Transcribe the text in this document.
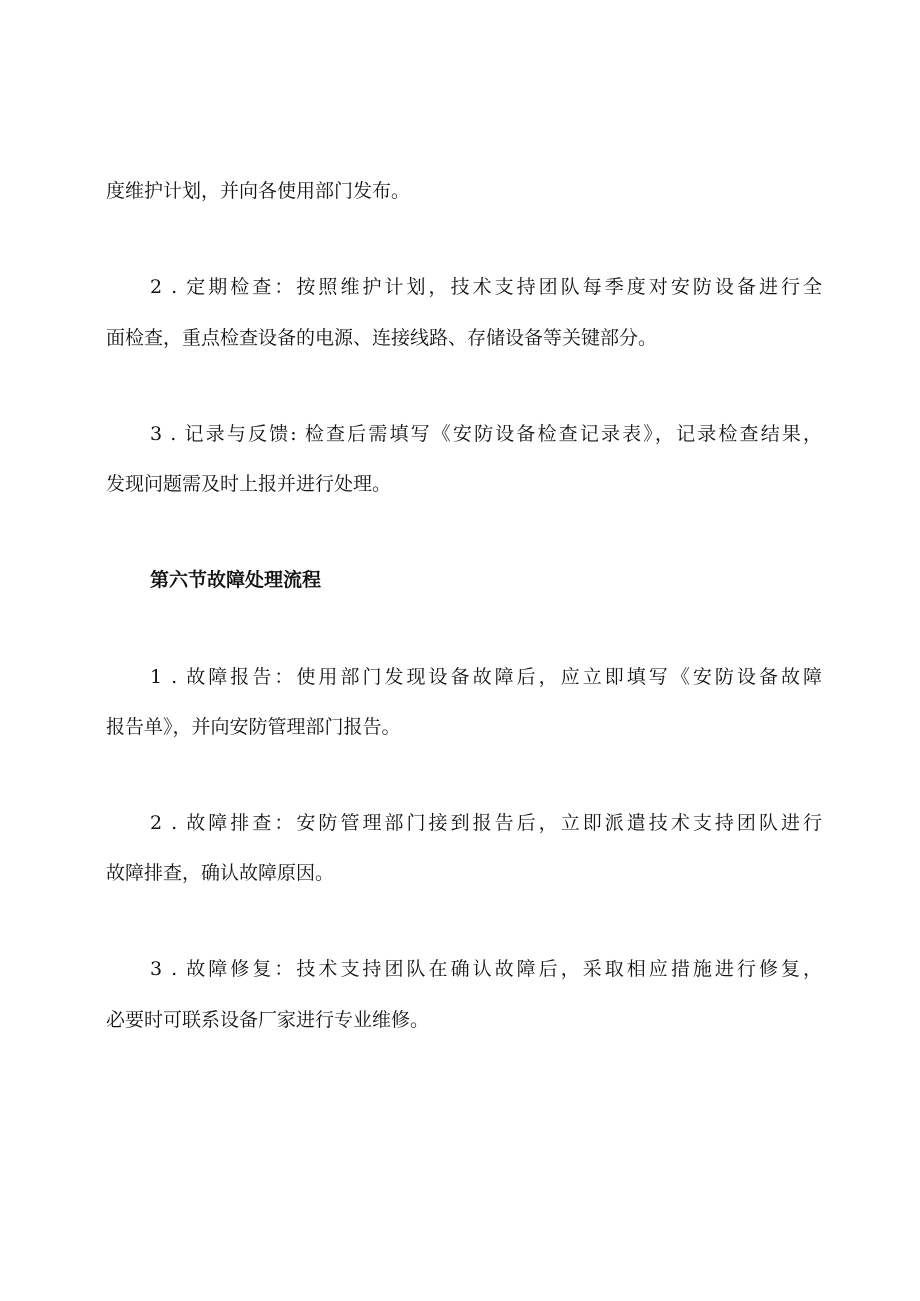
度维护计划，并向各使用部门发布。
2 . 定期检查：按照维护计划，技术支持团队每季度对安防设备进行全
面检查，重点检查设备的电源、连接线路、存储设备等关键部分。
3 . 记录与反馈: 检查后需填写《安防设备检查记录表》，记录检查结果，
发现问题需及时上报并进行处理。
第六节故障处理流程
1 . 故障报告：使用部门发现设备故障后，应立即填写《安防设备故障
报告单》，并向安防管理部门报告。
2 . 故障排查：安防管理部门接到报告后，立即派遣技术支持团队进行
故障排查，确认故障原因。
3 . 故障修复：技术支持团队在确认故障后，采取相应措施进行修复，
必要时可联系设备厂家进行专业维修。
